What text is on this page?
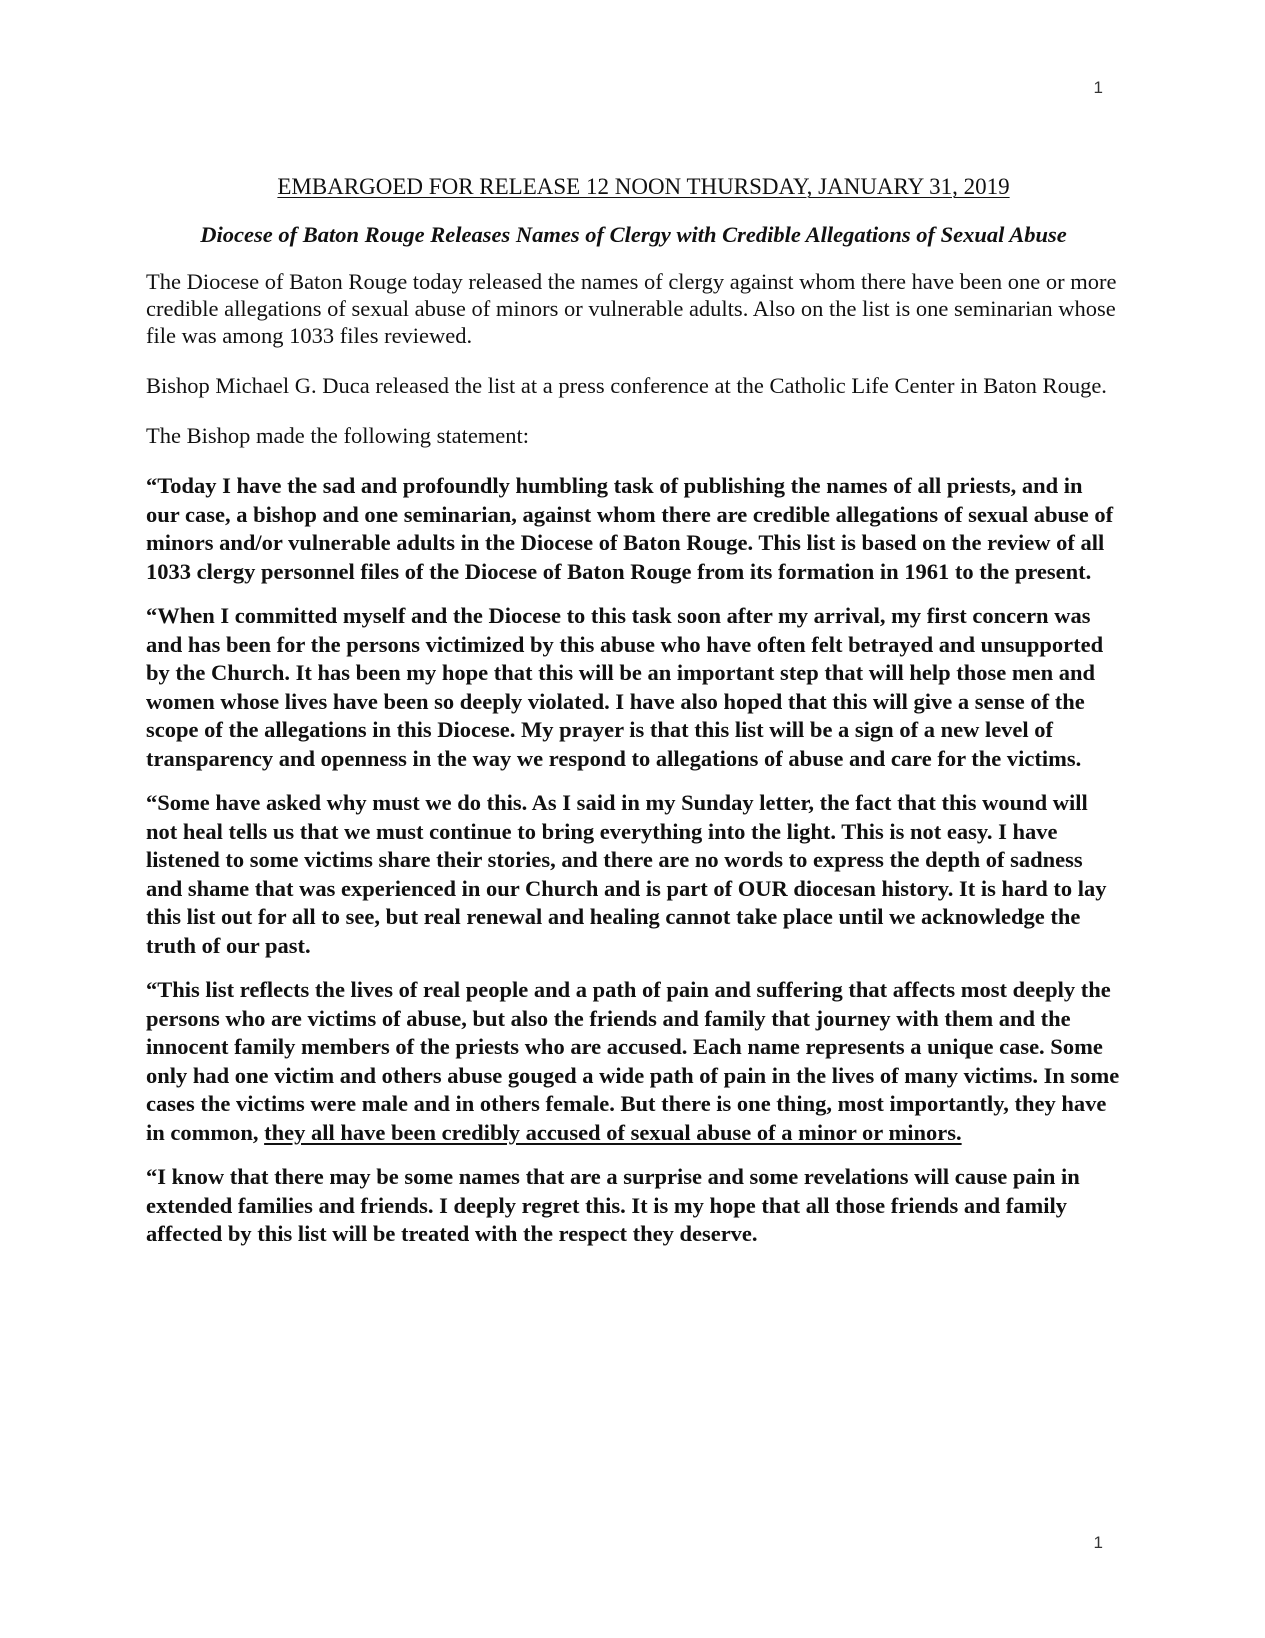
1
EMBARGOED FOR RELEASE 12 NOON THURSDAY, JANUARY 31, 2019
Diocese of Baton Rouge Releases Names of Clergy with Credible Allegations of Sexual Abuse

The Diocese of Baton Rouge today released the names of clergy against whom there have been one or more credible allegations of sexual abuse of minors or vulnerable adults. Also on the list is one seminarian whose file was among 1033 files reviewed.

Bishop Michael G. Duca released the list at a press conference at the Catholic Life Center in Baton Rouge.

The Bishop made the following statement:

“Today I have the sad and profoundly humbling task of publishing the names of all priests, and in our case, a bishop and one seminarian, against whom there are credible allegations of sexual abuse of minors and/or vulnerable adults in the Diocese of Baton Rouge. This list is based on the review of all 1033 clergy personnel files of the Diocese of Baton Rouge from its formation in 1961 to the present.

“When I committed myself and the Diocese to this task soon after my arrival, my first concern was and has been for the persons victimized by this abuse who have often felt betrayed and unsupported by the Church. It has been my hope that this will be an important step that will help those men and women whose lives have been so deeply violated. I have also hoped that this will give a sense of the scope of the allegations in this Diocese. My prayer is that this list will be a sign of a new level of transparency and openness in the way we respond to allegations of abuse and care for the victims.

“Some have asked why must we do this. As I said in my Sunday letter, the fact that this wound will not heal tells us that we must continue to bring everything into the light. This is not easy. I have listened to some victims share their stories, and there are no words to express the depth of sadness and shame that was experienced in our Church and is part of OUR diocesan history. It is hard to lay this list out for all to see, but real renewal and healing cannot take place until we acknowledge the truth of our past.

“This list reflects the lives of real people and a path of pain and suffering that affects most deeply the persons who are victims of abuse, but also the friends and family that journey with them and the innocent family members of the priests who are accused. Each name represents a unique case. Some only had one victim and others abuse gouged a wide path of pain in the lives of many victims. In some cases the victims were male and in others female. But there is one thing, most importantly, they have in common, they all have been credibly accused of sexual abuse of a minor or minors.

“I know that there may be some names that are a surprise and some revelations will cause pain in extended families and friends. I deeply regret this. It is my hope that all those friends and family affected by this list will be treated with the respect they deserve.

1
